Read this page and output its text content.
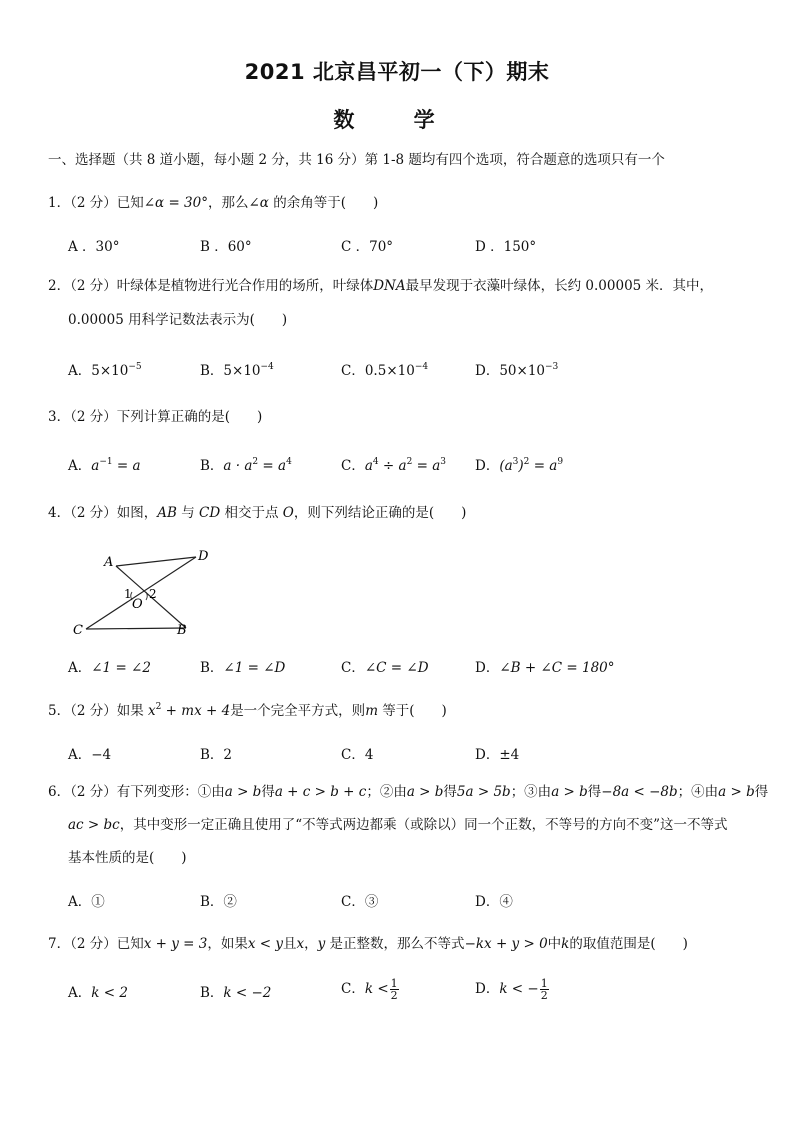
2021 北京昌平初一（下）期末
数 学
一、选择题（共 8 道小题，每小题 2 分，共 16 分）第 1-8 题均有四个选项，符合题意的选项只有一个
1．（2 分）已知∠α = 30°，那么∠α 的余角等于(　　)
A ．30°	B ．60°	C ．70°	D ．150°
2．（2 分）叶绿体是植物进行光合作用的场所，叶绿体DNA最早发现于衣藻叶绿体，长约 0.00005 米．其中，
0.00005 用科学记数法表示为(　　)
A．$5\times 10^{-5}$	B．$5\times 10^{-4}$	C．$0.5\times 10^{-4}$	D．$50\times 10^{-3}$
3．（2 分）下列计算正确的是(　　)
A．$a^{-1} = a$	B．$a \cdot a^2 = a^4$	C．$a^4 \div a^2 = a^3$ D．$(a^3)^2 = a^9$
4．（2 分）如图，AB 与 CD 相交于点 O，则下列结论正确的是(　　)
A	D
1 2
O
C	B
A．∠1 = ∠2	B．∠1 = ∠D	C．∠C = ∠D	D．∠B + ∠C = 180°
5．（2 分）如果 $x^2$ + mx + 4是一个完全平方式，则m 等于(　　)
A．−4	B．2	C．4	D．±4
6．（2 分）有下列变形：①由a > b得a + c > b + c；②由a > b得5a > 5b；③由a > b得−8a < −8b；④由a > b得
ac > bc，其中变形一定正确且使用了“不等式两边都乘（或除以）同一个正数，不等号的方向不变”这一不等式
基本性质的是(　　)
A．①	B．②	C．③	D．④
7．（2 分）已知x + y = 3，如果x < y且x，y 是正整数，那么不等式−kx + y > 0中k的取值范围是(　　)
A．k < 2	B．k < −2	C．$k < \frac{1}{2}$	D．k < − $\frac{1}{2}$
